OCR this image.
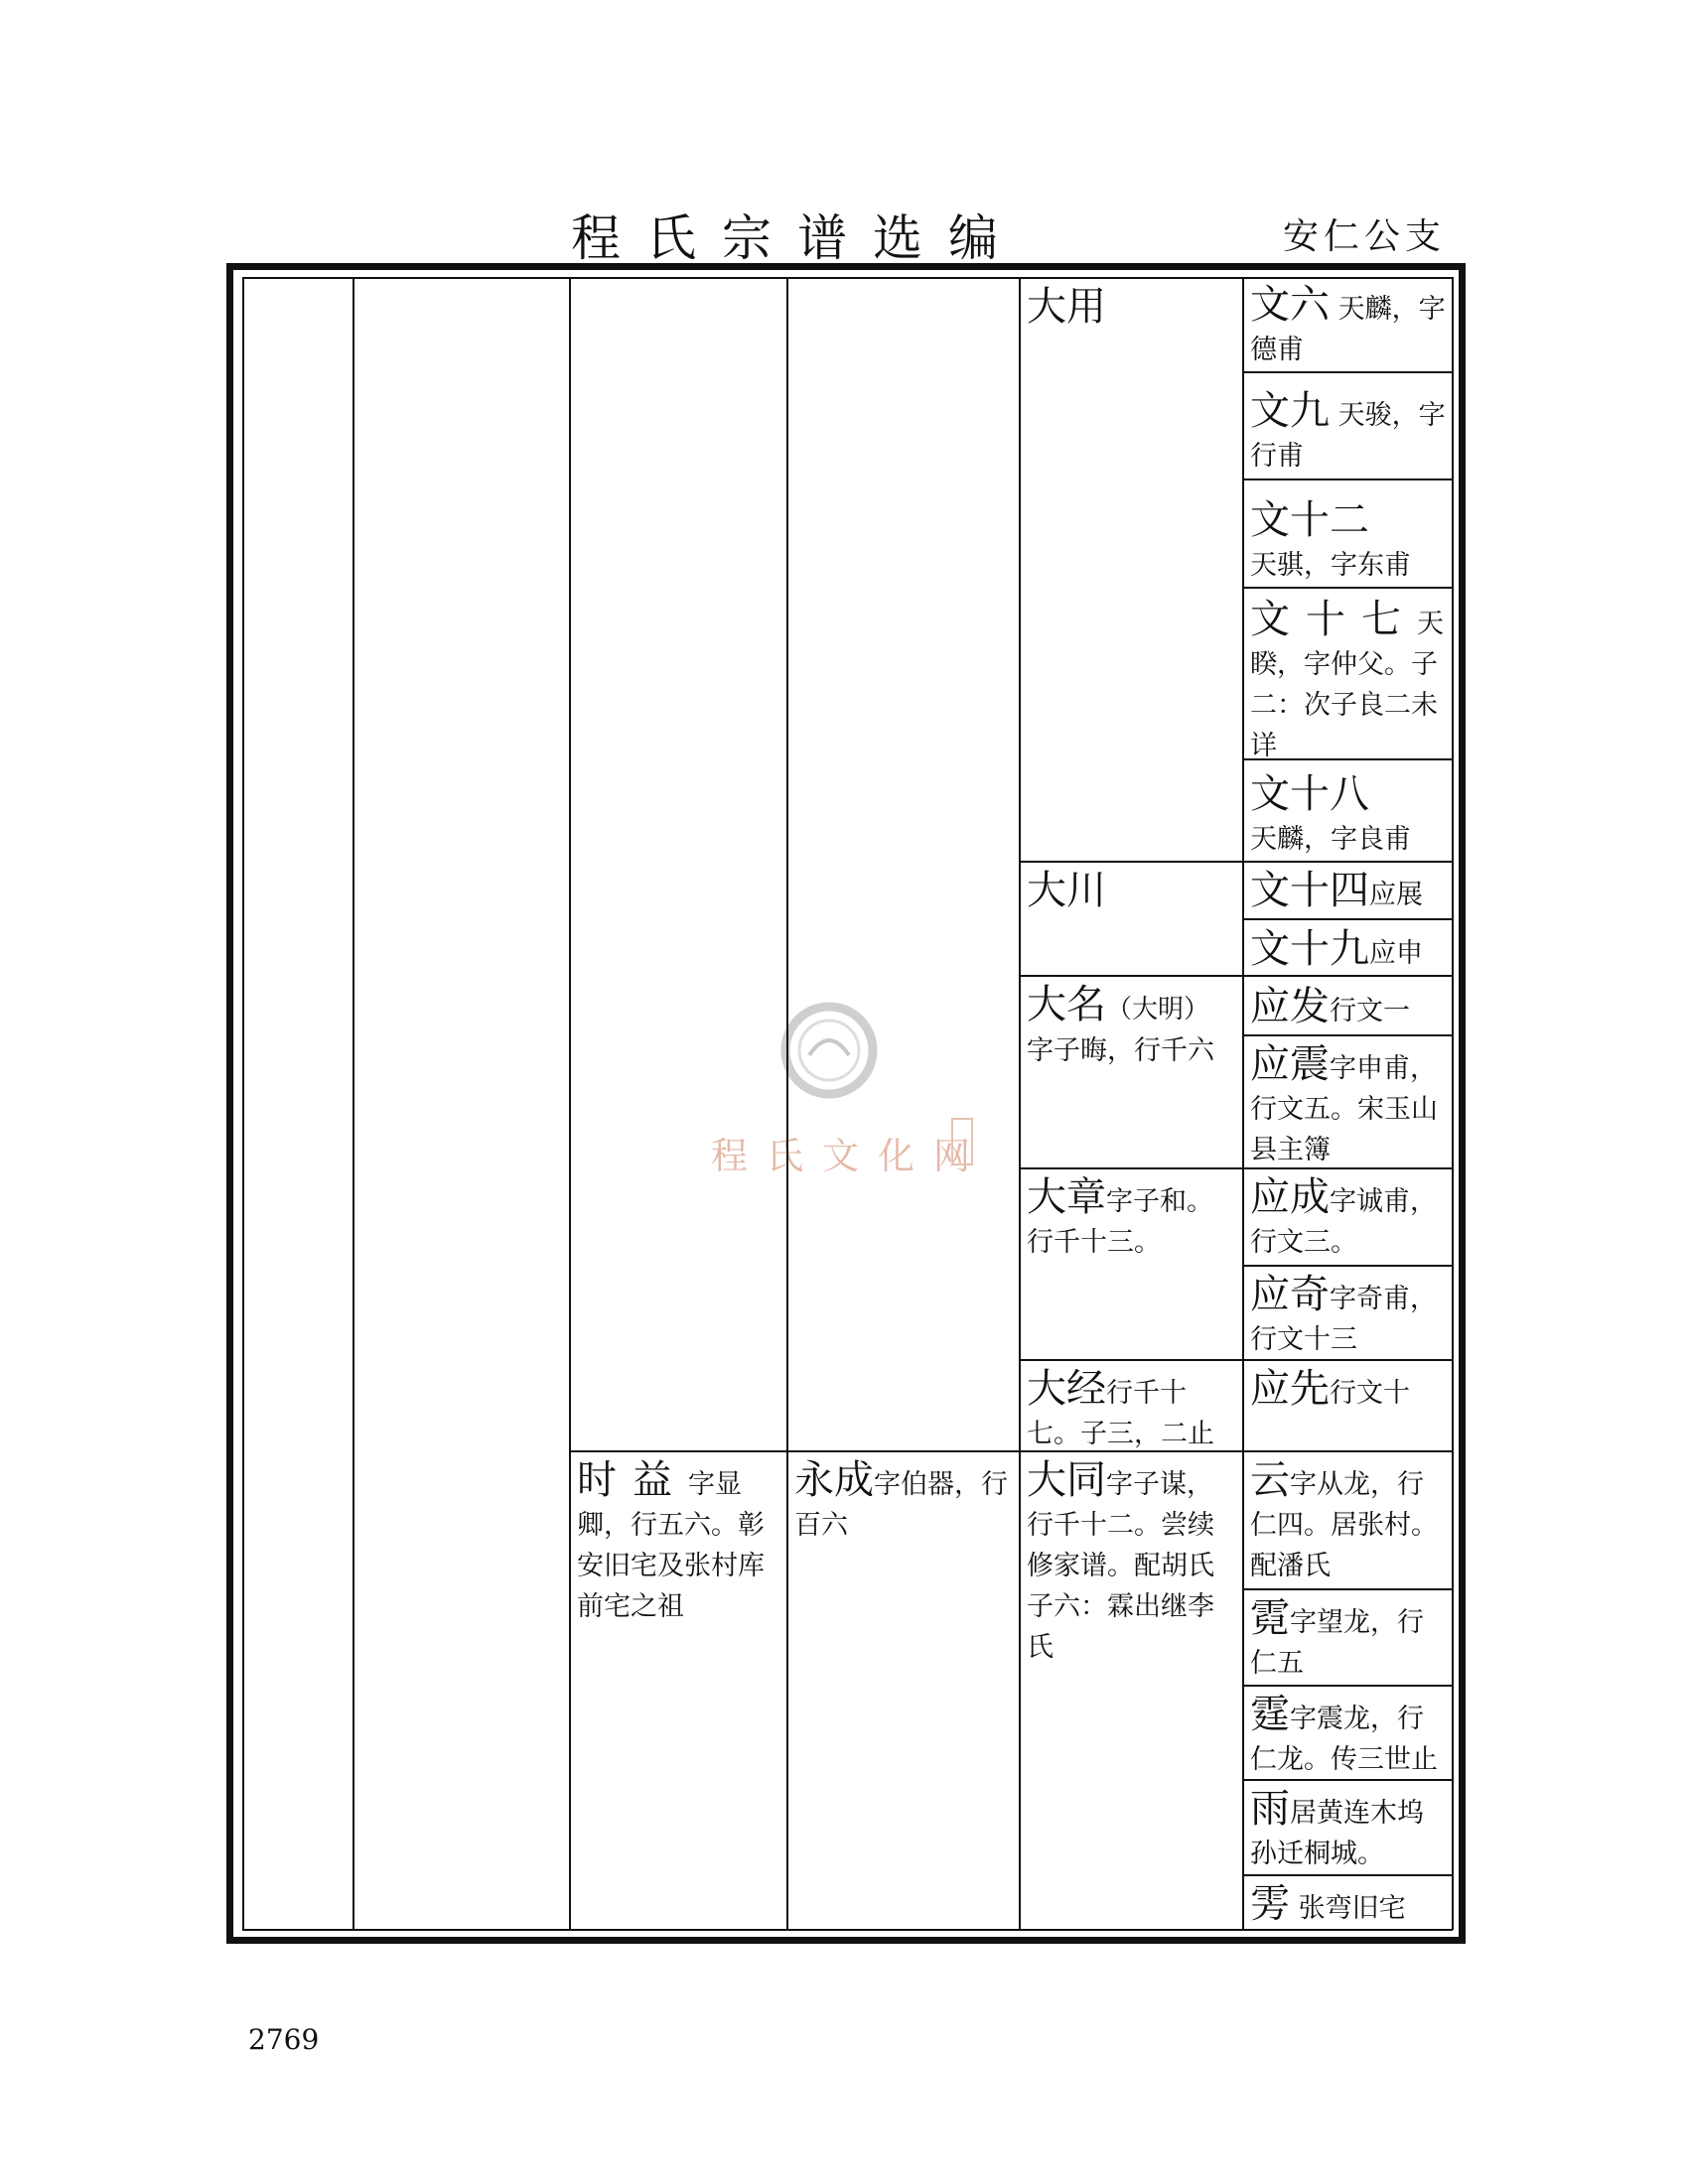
程氏宗谱选编	安仁公支
程氏文化网
时益字显卿，行五六。彰安旧宅及张村库前宅之祖
永成字伯器，行百六
大用
大川
大名（大明）
字子晦，行千六
大章字子和。行千十三。
大经行千十七。子三，二止
大同字子谋，行千十二。尝续修家谱。配胡氏子六：霖出继李氏
文六 天麟，字德甫
文九 天骏，字行甫
文十二
天骐，字东甫
文十七天睽，字仲父。子二：次子良二未详
文十八
天麟，字良甫
文十四应展
文十九应申
应发行文一
应震字申甫，行文五。宋玉山县主簿
应成字诚甫，行文三。
应奇字奇甫，行文十三
应先行文十
云字从龙，行仁四。居张村。配潘氏
霓字望龙，行仁五
霆字震龙，行仁龙。传三世止
雨居黄连木坞孙迁桐城。
雱 张弯旧宅
2769
